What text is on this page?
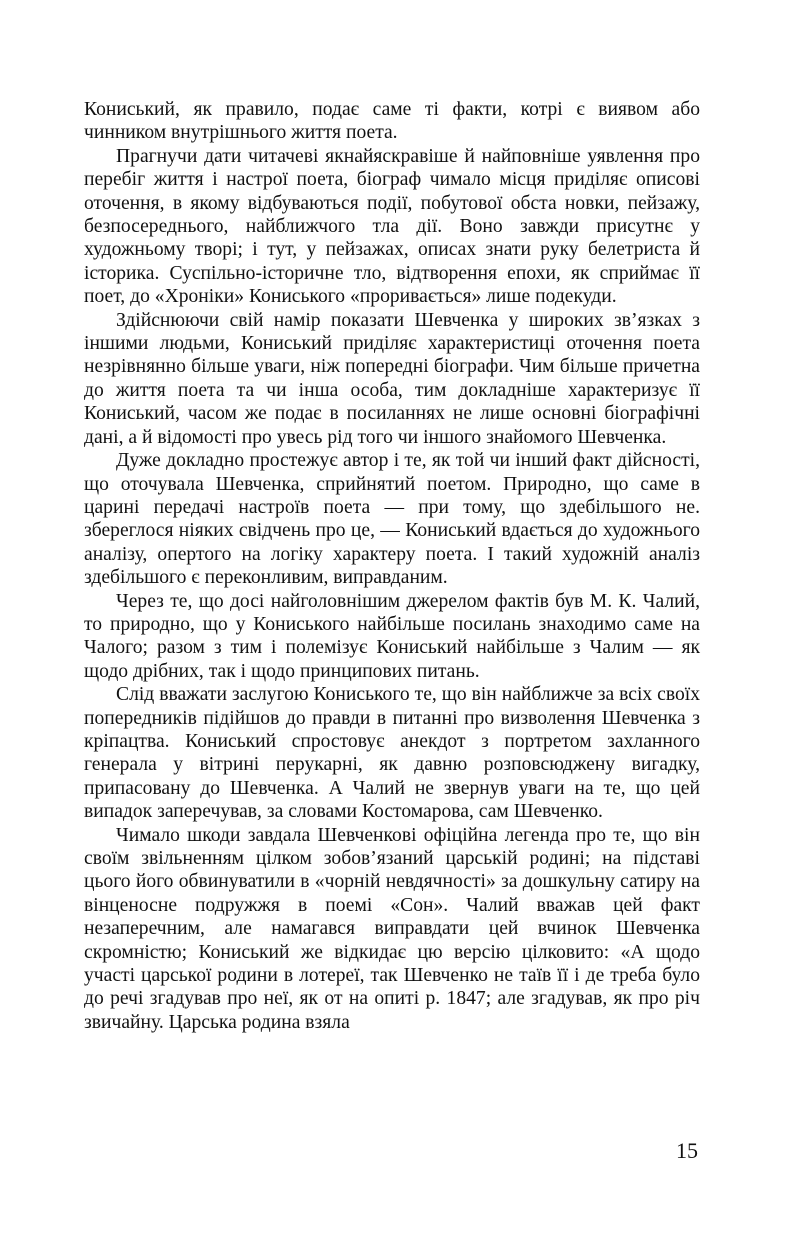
Кониський, як правило, подає саме ті факти, котрі є виявом або чинником внутрішнього життя поета.

Прагнучи дати читачеві якнайяскравіше й найповніше уявлення про перебіг життя і настрої поета, біограф чимало місця приділяє описові оточення, в якому відбуваються події, побутової обста новки, пейзажу, безпосереднього, найближчого тла дії. Воно завжди присутнє у художньому творі; і тут, у пейзажах, описах знати руку белетриста й історика. Суспільно-історичне тло, відтворення епохи, як сприймає її поет, до «Хроніки» Кониського «проривається» лише подекуди.

Здійснюючи свій намір показати Шевченка у широких зв’язках з іншими людьми, Кониський приділяє характеристиці оточення поета незрівнянно більше уваги, ніж попередні біографи. Чим більше причетна до життя поета та чи інша особа, тим докладніше характеризує її Кониський, часом же подає в посиланнях не лише основні біографічні дані, а й відомості про увесь рід того чи іншого знайомого Шевченка.

Дуже докладно простежує автор і те, як той чи інший факт дійсності, що оточувала Шевченка, сприйнятий поетом. Природно, що саме в царині передачі настроїв поета — при тому, що здебільшого не. збереглося ніяких свідчень про це, — Кониський вдається до художнього аналізу, опертого на логіку характеру поета. І такий художній аналіз здебільшого є переконливим, виправданим.

Через те, що досі найголовнішим джерелом фактів був М. К. Чалий, то природно, що у Кониського найбільше посилань знаходимо саме на Чалого; разом з тим і полемізує Кониський найбільше з Чалим — як щодо дрібних, так і щодо принципових питань.

Слід вважати заслугою Кониського те, що він найближче за всіх своїх попередників підійшов до правди в питанні про визволення Шевченка з кріпацтва. Кониський спростовує анекдот з портретом захланного генерала у вітрині перукарні, як давню розповсюджену вигадку, припасовану до Шевченка. А Чалий не звернув уваги на те, що цей випадок заперечував, за словами Костомарова, сам Шевченко.

Чимало шкоди завдала Шевченкові офіційна легенда про те, що він своїм звільненням цілком зобов’язаний царській родині; на підставі цього його обвинуватили в «чорній невдячності» за дошкульну сатиру на вінценосне подружжя в поемі «Сон». Чалий вважав цей факт незаперечним, але намагався виправдати цей вчинок Шевченка скромністю; Кониський же відкидає цю версію цілковито: «А щодо участі царської родини в лотереї, так Шевченко не таїв її і де треба було до речі згадував про неї, як от на опиті р. 1847; але згадував, як про річ звичайну. Царська родина взяла

15
